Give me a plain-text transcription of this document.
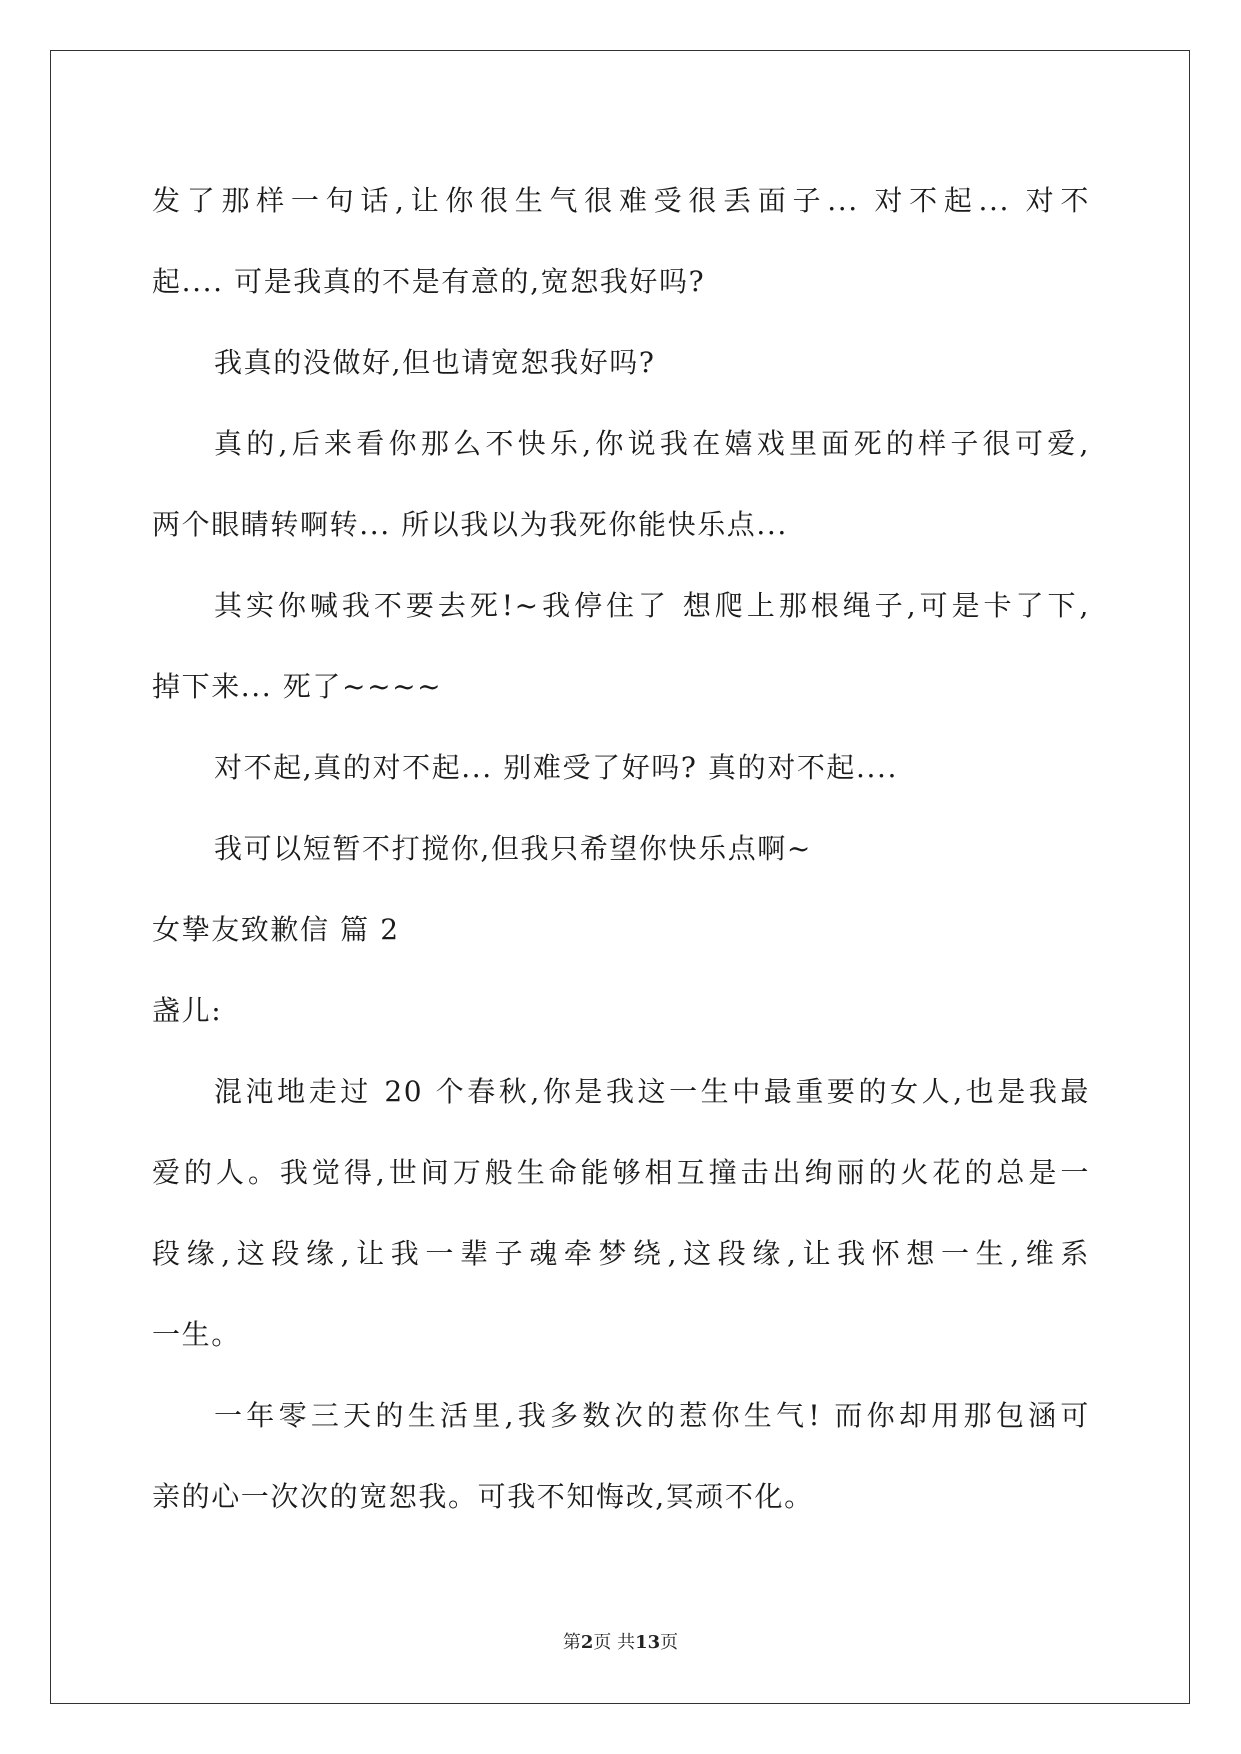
发了那样一句话,让你很生气很难受很丢面子... 对不起... 对不

起.... 可是我真的不是有意的,宽恕我好吗?

我真的没做好,但也请宽恕我好吗?

真的,后来看你那么不快乐,你说我在嬉戏里面死的样子很可爱,

两个眼睛转啊转... 所以我以为我死你能快乐点...

其实你喊我不要去死!~我停住了 想爬上那根绳子,可是卡了下,

掉下来... 死了~~~~

对不起,真的对不起... 别难受了好吗? 真的对不起....

我可以短暂不打搅你,但我只希望你快乐点啊~

女挚友致歉信 篇 2

盏儿:

混沌地走过 20 个春秋,你是我这一生中最重要的女人,也是我最

爱的人。我觉得,世间万般生命能够相互撞击出绚丽的火花的总是一

段缘,这段缘,让我一辈子魂牵梦绕,这段缘,让我怀想一生,维系

一生。

一年零三天的生活里,我多数次的惹你生气! 而你却用那包涵可

亲的心一次次的宽恕我。可我不知悔改,冥顽不化。

第2页 共13页
